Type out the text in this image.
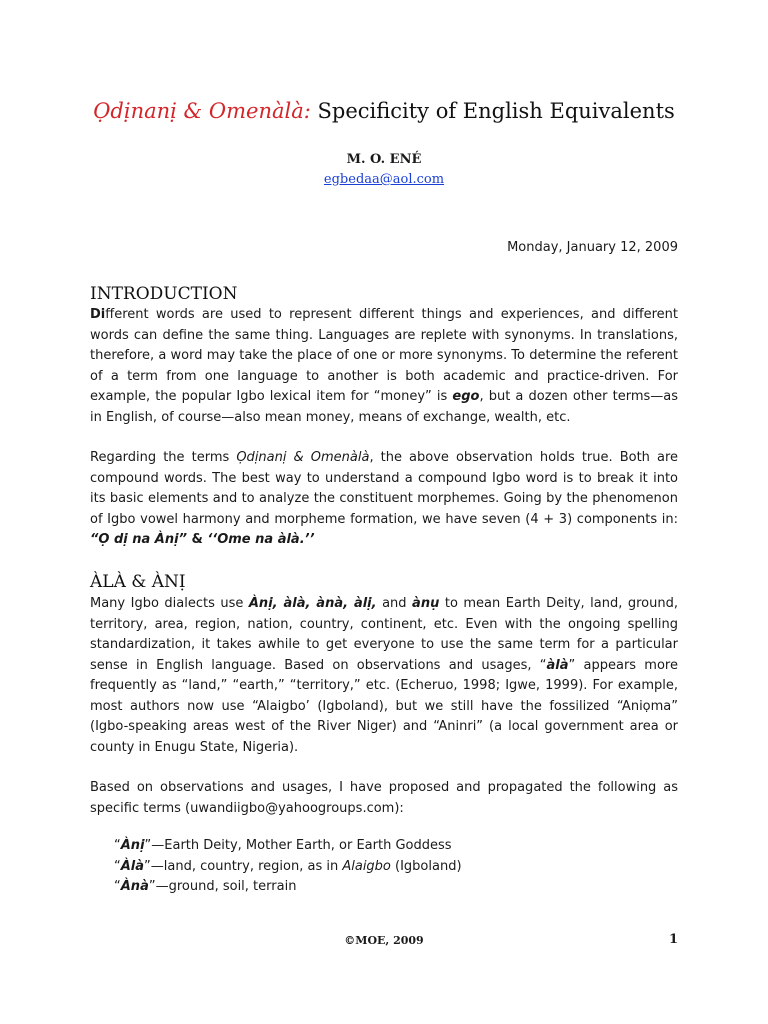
Ọdịnanị & Omenàlà: Specificity of English Equivalents
M. O. ENÉ
egbedaa@aol.com
Monday, January 12, 2009
INTRODUCTION

Different words are used to represent different things and experiences, and different words can define the same thing. Languages are replete with synonyms. In translations, therefore, a word may take the place of one or more synonyms. To determine the referent of a term from one language to another is both academic and practice-driven. For example, the popular Igbo lexical item for “money” is ego, but a dozen other terms—as in English, of course—also mean money, means of exchange, wealth, etc.

Regarding the terms Ọdịnanị & Omenàlà, the above observation holds true. Both are compound words. The best way to understand a compound Igbo word is to break it into its basic elements and to analyze the constituent morphemes. Going by the phenomenon of Igbo vowel harmony and morpheme formation, we have seven (4 + 3) components in: “Ọ dị na Ànị” & ‘‘Ome na àlà.’’

ÀLÀ & ÀNỊ

Many Igbo dialects use Ànị, àlà, ànà, àlị, and ànụ to mean Earth Deity, land, ground, territory, area, region, nation, country, continent, etc. Even with the ongoing spelling standardization, it takes awhile to get everyone to use the same term for a particular sense in English language. Based on observations and usages, “àlà” appears more frequently as “land,” “earth,” “territory,” etc. (Echeruo, 1998; Igwe, 1999). For example, most authors now use “Alaigbo’ (Igboland), but we still have the fossilized “Aniọma” (Igbo-speaking areas west of the River Niger) and “Aninri” (a local government area or county in Enugu State, Nigeria).

Based on observations and usages, I have proposed and propagated the following as specific terms (uwandiigbo@yahoogroups.com):

“Ànị”—Earth Deity, Mother Earth, or Earth Goddess
“Àlà”—land, country, region, as in Alaigbo (Igboland)
“Ànà”—ground, soil, terrain
©MOE, 2009	1
